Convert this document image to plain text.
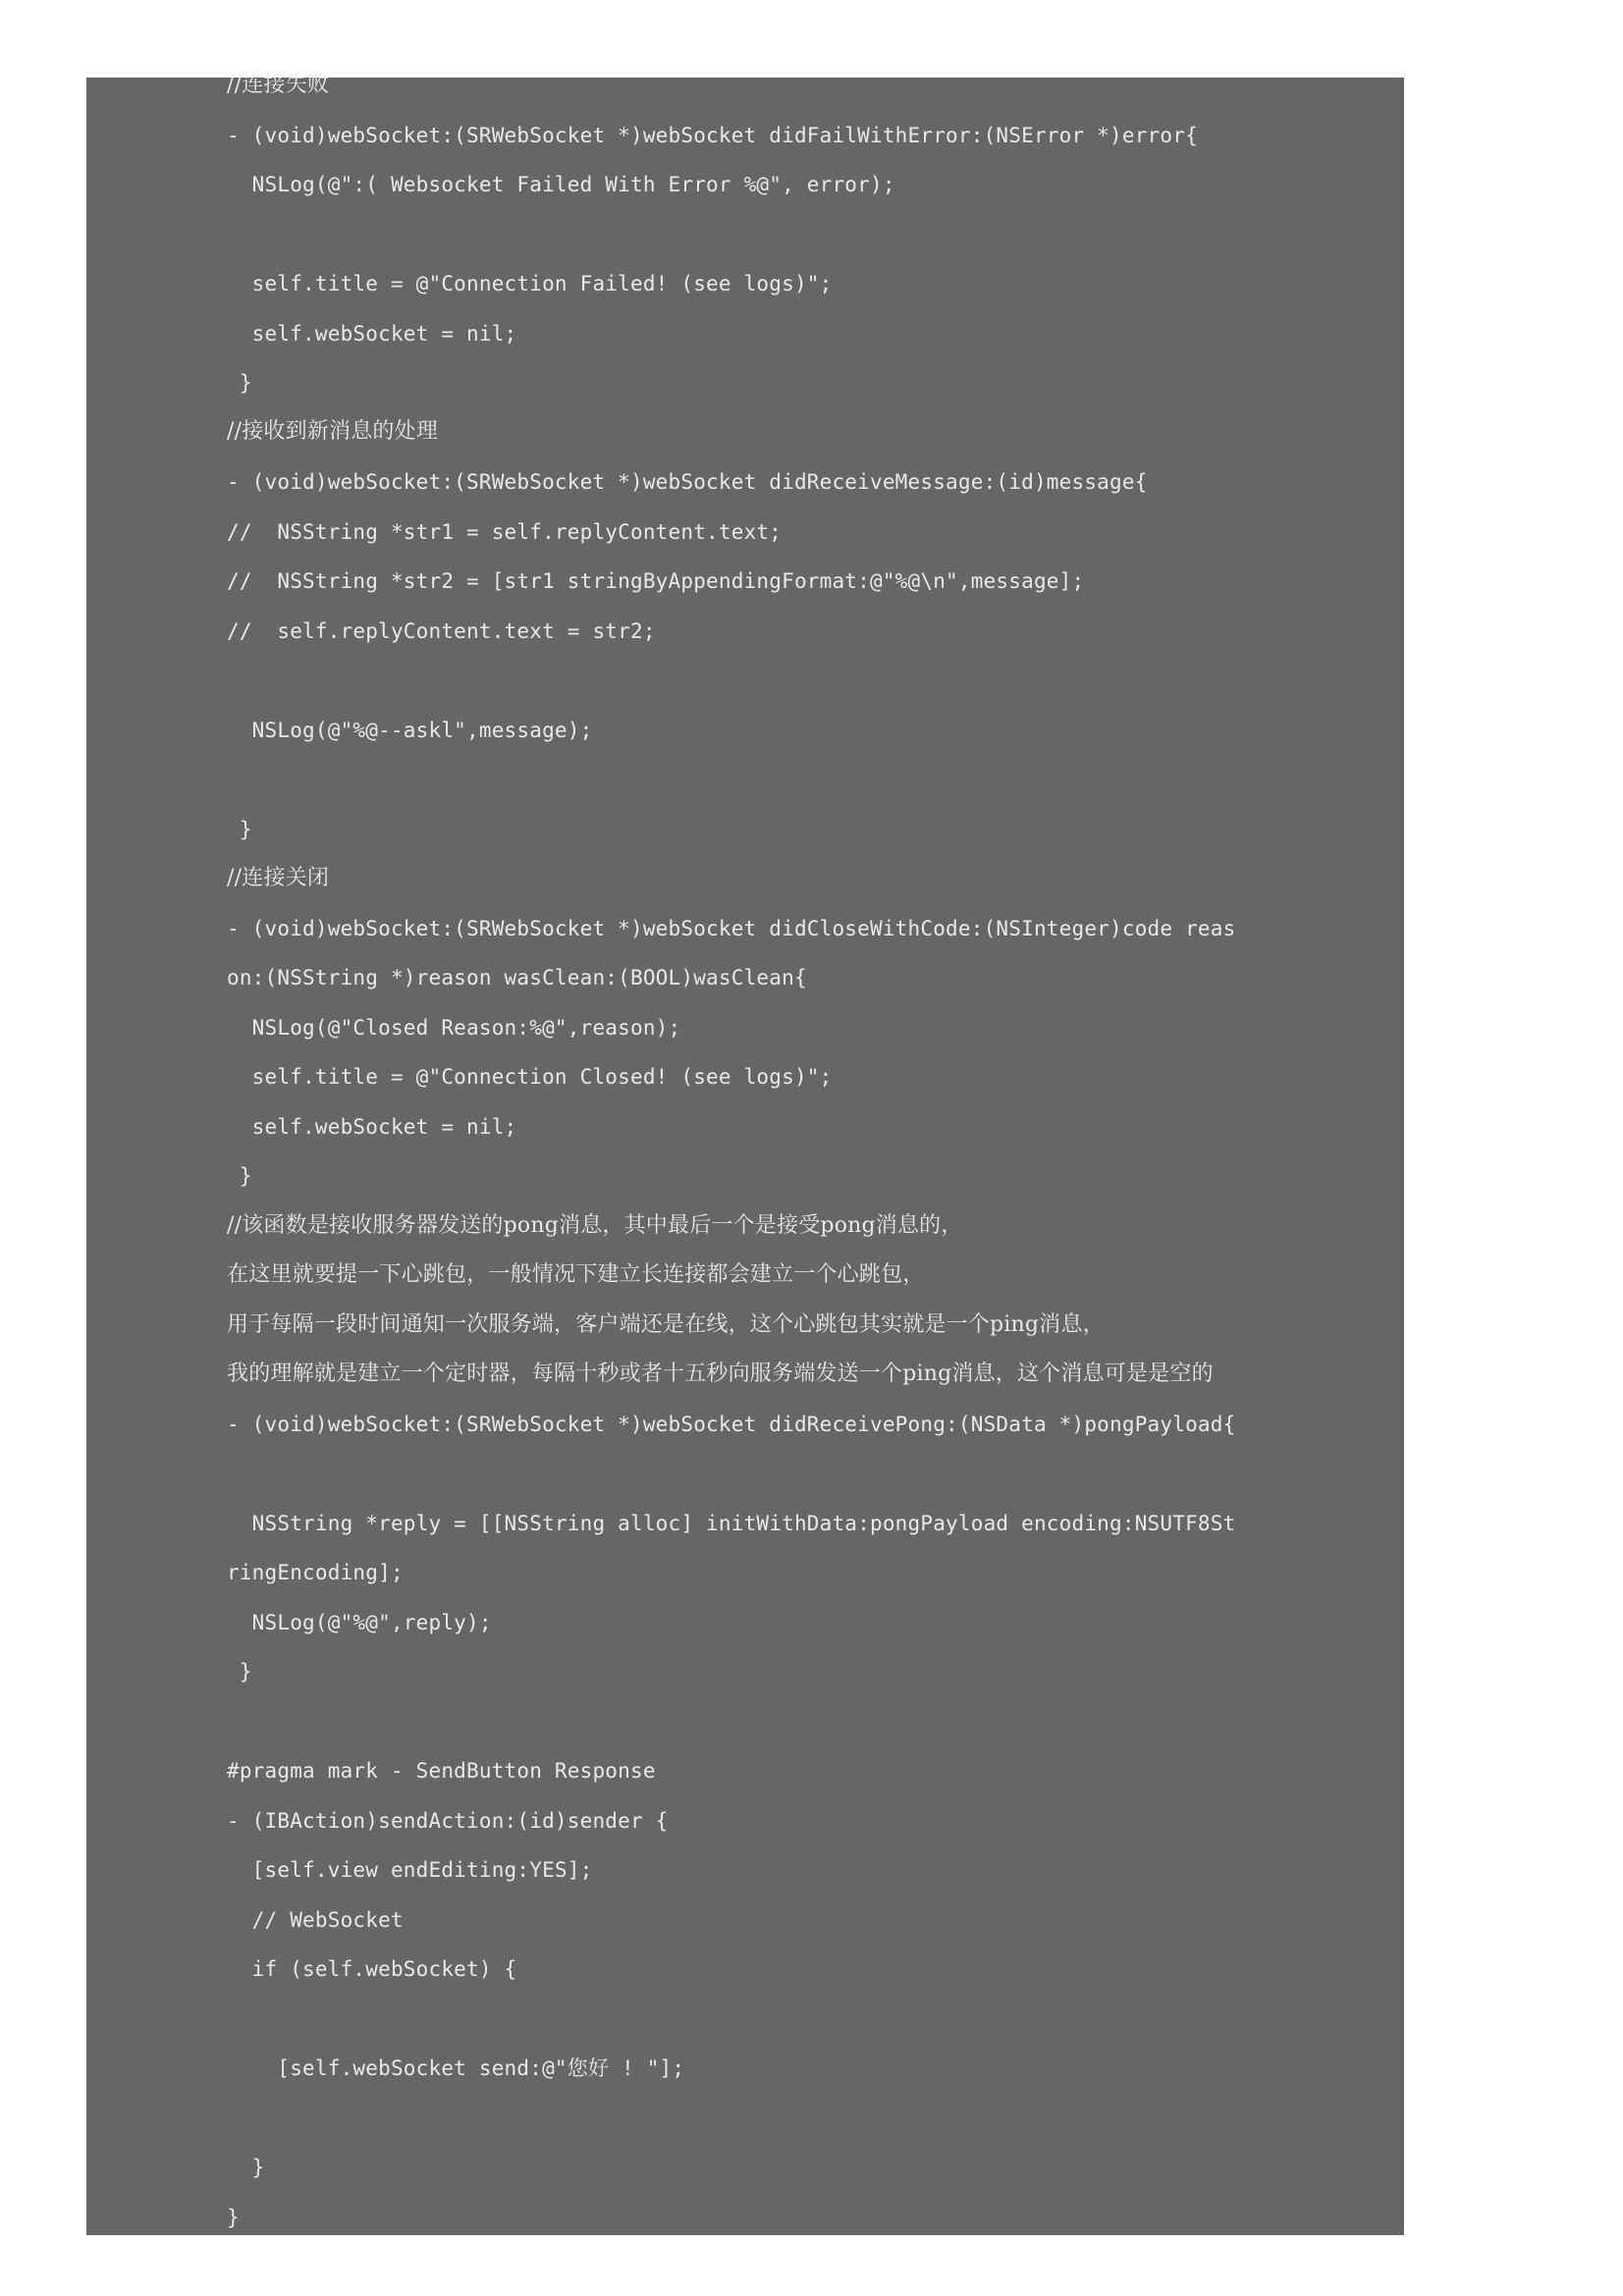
//连接失败
- (void)webSocket:(SRWebSocket *)webSocket didFailWithError:(NSError *)error{
NSLog(@":( Websocket Failed With Error %@", error);
self.title = @"Connection Failed! (see logs)";
self.webSocket = nil;
}
//接收到新消息的处理
- (void)webSocket:(SRWebSocket *)webSocket didReceiveMessage:(id)message{
//  NSString *str1 = self.replyContent.text;
//  NSString *str2 = [str1 stringByAppendingFormat:@"%@\n",message];
//  self.replyContent.text = str2;
NSLog(@"%@--askl",message);
}
//连接关闭
- (void)webSocket:(SRWebSocket *)webSocket didCloseWithCode:(NSInteger)code reas
on:(NSString *)reason wasClean:(BOOL)wasClean{
NSLog(@"Closed Reason:%@",reason);
self.title = @"Connection Closed! (see logs)";
self.webSocket = nil;
}
//该函数是接收服务器发送的pong消息，其中最后一个是接受pong消息的，
在这里就要提一下心跳包，一般情况下建立长连接都会建立一个心跳包，
用于每隔一段时间通知一次服务端，客户端还是在线，这个心跳包其实就是一个ping消息，
我的理解就是建立一个定时器，每隔十秒或者十五秒向服务端发送一个ping消息，这个消息可是是空的
- (void)webSocket:(SRWebSocket *)webSocket didReceivePong:(NSData *)pongPayload{
NSString *reply = [[NSString alloc] initWithData:pongPayload encoding:NSUTF8St
ringEncoding];
NSLog(@"%@",reply);
}
#pragma mark - SendButton Response
- (IBAction)sendAction:(id)sender {
[self.view endEditing:YES];
// WebSocket
if (self.webSocket) {
[self.webSocket send:@"您好 ! "];
}
}
